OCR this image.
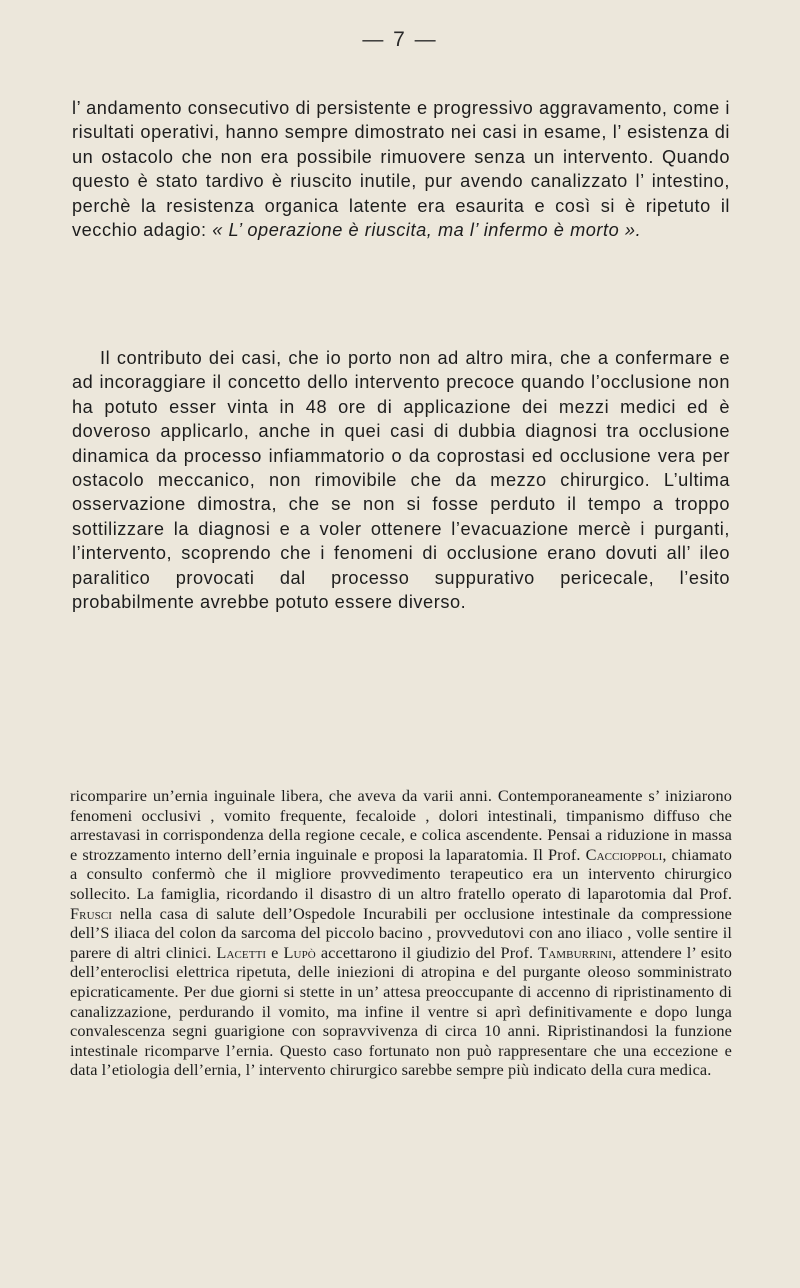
— 7 —

l’ andamento consecutivo di persistente e progressivo aggravamento, come i risultati operativi, hanno sempre dimostrato nei casi in esame, l’ esistenza di un ostacolo che non era possibile rimuovere senza un intervento. Quando questo è stato tardivo è riuscito inutile, pur avendo canalizzato l’ intestino, perchè la resistenza organica latente era esaurita e così si è ripetuto il vecchio adagio: « L’ operazione è riuscita, ma l’ infermo è morto ».

Il contributo dei casi, che io porto non ad altro mira, che a confermare e ad incoraggiare il concetto dello intervento precoce quando l’occlusione non ha potuto esser vinta in 48 ore di applicazione dei mezzi medici ed è doveroso applicarlo, anche in quei casi di dubbia diagnosi tra occlusione dinamica da processo infiammatorio o da coprostasi ed occlusione vera per ostacolo meccanico, non rimovibile che da mezzo chirurgico. L’ultima osservazione dimostra, che se non si fosse perduto il tempo a troppo sottilizzare la diagnosi e a voler ottenere l’evacuazione mercè i purganti, l’intervento, scoprendo che i fenomeni di occlusione erano dovuti all’ ileo paralitico provocati dal processo suppurativo pericecale, l’esito probabilmente avrebbe potuto essere diverso.

ricomparire un’ernia inguinale libera, che aveva da varii anni. Contemporaneamente s’ iniziarono fenomeni occlusivi , vomito frequente, fecaloide , dolori intestinali, timpanismo diffuso che arrestavasi in corrispondenza della regione cecale, e colica ascendente. Pensai a riduzione in massa e strozzamento interno dell’ernia inguinale e proposi la laparatomia. Il Prof. Caccioppoli, chiamato a consulto confermò che il migliore provvedimento terapeutico era un intervento chirurgico sollecito. La famiglia, ricordando il disastro di un altro fratello operato di laparotomia dal Prof. Frusci nella casa di salute dell’Ospedole Incurabili per occlusione intestinale da compressione dell’S iliaca del colon da sarcoma del piccolo bacino , provvedutovi con ano iliaco , volle sentire il parere di altri clinici. Lacetti e Lupò accettarono il giudizio del Prof. Tamburrini, attendere l’ esito dell’enteroclisi elettrica ripetuta, delle iniezioni di atropina e del purgante oleoso somministrato epicraticamente. Per due giorni si stette in un’ attesa preoccupante di accenno di ripristinamento di canalizzazione, perdurando il vomito, ma infine il ventre si aprì definitivamente e dopo lunga convalescenza segni guarigione con sopravvivenza di circa 10 anni. Ripristinandosi la funzione intestinale ricomparve l’ernia. Questo caso fortunato non può rappresentare che una eccezione e data l’etiologia dell’ernia, l’ intervento chirurgico sarebbe sempre più indicato della cura medica.
